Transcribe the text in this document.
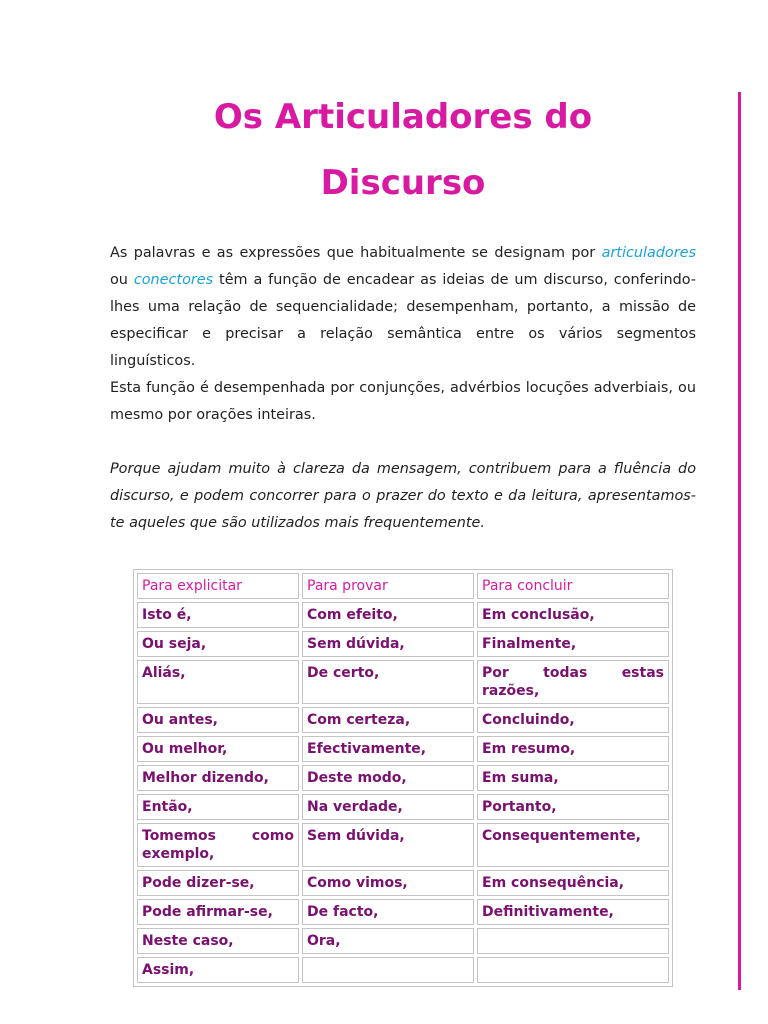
Os Articuladores do
Discurso

As palavras e as expressões que habitualmente se designam por articuladores ou conectores têm a função de encadear as ideias de um discurso, conferindo-lhes uma relação de sequencialidade; desempenham, portanto, a missão de especificar e precisar a relação semântica entre os vários segmentos linguísticos.

Esta função é desempenhada por conjunções, advérbios locuções adverbiais, ou mesmo por orações inteiras.

Porque ajudam muito à clareza da mensagem, contribuem para a fluência do discurso, e podem concorrer para o prazer do texto e da leitura, apresentamos-te aqueles que são utilizados mais frequentemente.

Para explicitar	Para provar	Para concluir
Isto é,	Com efeito,	Em conclusão,
Ou seja,	Sem dúvida,	Finalmente,
Aliás,	De certo,	Por todas estas razões,
Ou antes,	Com certeza,	Concluindo,
Ou melhor,	Efectivamente,	Em resumo,
Melhor dizendo,	Deste modo,	Em suma,
Então,	Na verdade,	Portanto,
Tomemos como exemplo,	Sem dúvida,	Consequentemente,
Pode dizer-se,	Como vimos,	Em consequência,
Pode afirmar-se,	De facto,	Definitivamente,
Neste caso,	Ora,	
Assim,		
